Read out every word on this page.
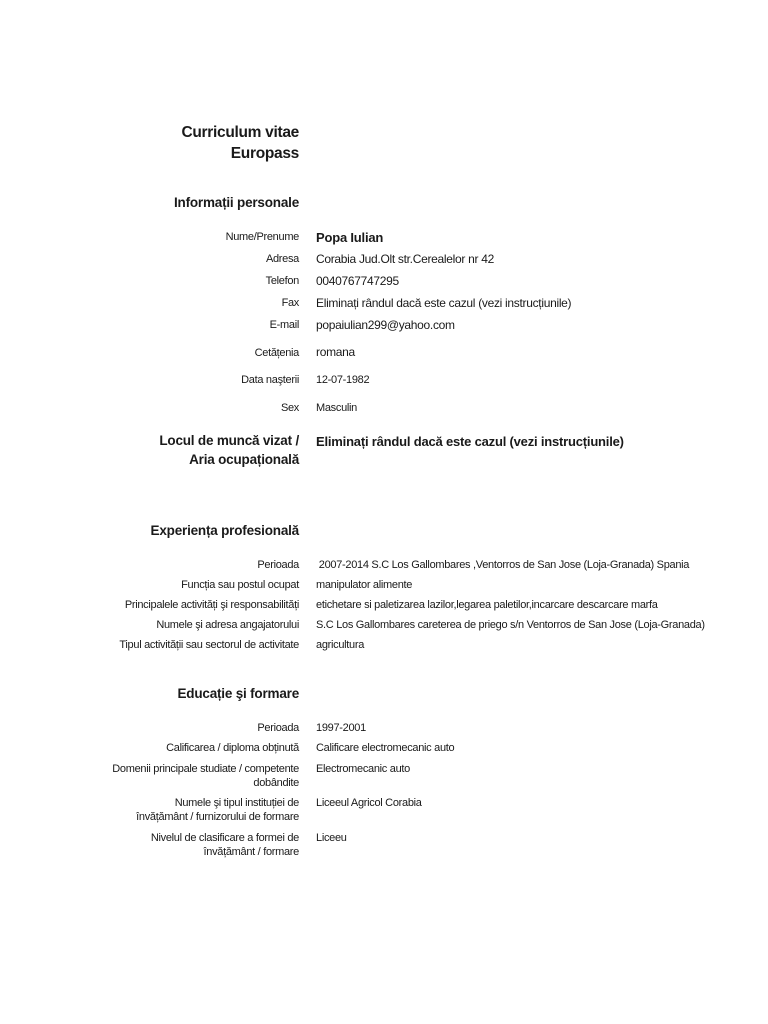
Curriculum vitae
Europass
Informații personale
Nume/Prenume Popa Iulian
Adresa Corabia Jud.Olt str.Cerealelor nr 42
Telefon 0040767747295
Fax Eliminați rândul dacă este cazul (vezi instrucțiunile)
E-mail popaiulian299@yahoo.com
Cetățenia romana
Data naşterii 12-07-1982
Sex Masculin
Locul de muncă vizat /
Aria ocupațională
Eliminați rândul dacă este cazul (vezi instrucțiunile)
Experiența profesională
Perioada 2007-2014 S.C Los Gallombares ,Ventorros de San Jose (Loja-Granada) Spania
Funcția sau postul ocupat manipulator alimente
Principalele activități şi responsabilități etichetare si paletizarea lazilor,legarea paletilor,incarcare descarcare marfa
Numele şi adresa angajatorului S.C Los Gallombares careterea de priego s/n Ventorros de San Jose (Loja-Granada)
Tipul activității sau sectorul de activitate agricultura
Educație şi formare
Perioada 1997-2001
Calificarea / diploma obținută Calificare electromecanic auto
Domenii principale studiate / competente
dobândite
Electromecanic auto
Numele şi tipul instituției de
învățământ / furnizorului de formare
Liceeul Agricol Corabia
Nivelul de clasificare a formei de
învățământ / formare
Liceeu
